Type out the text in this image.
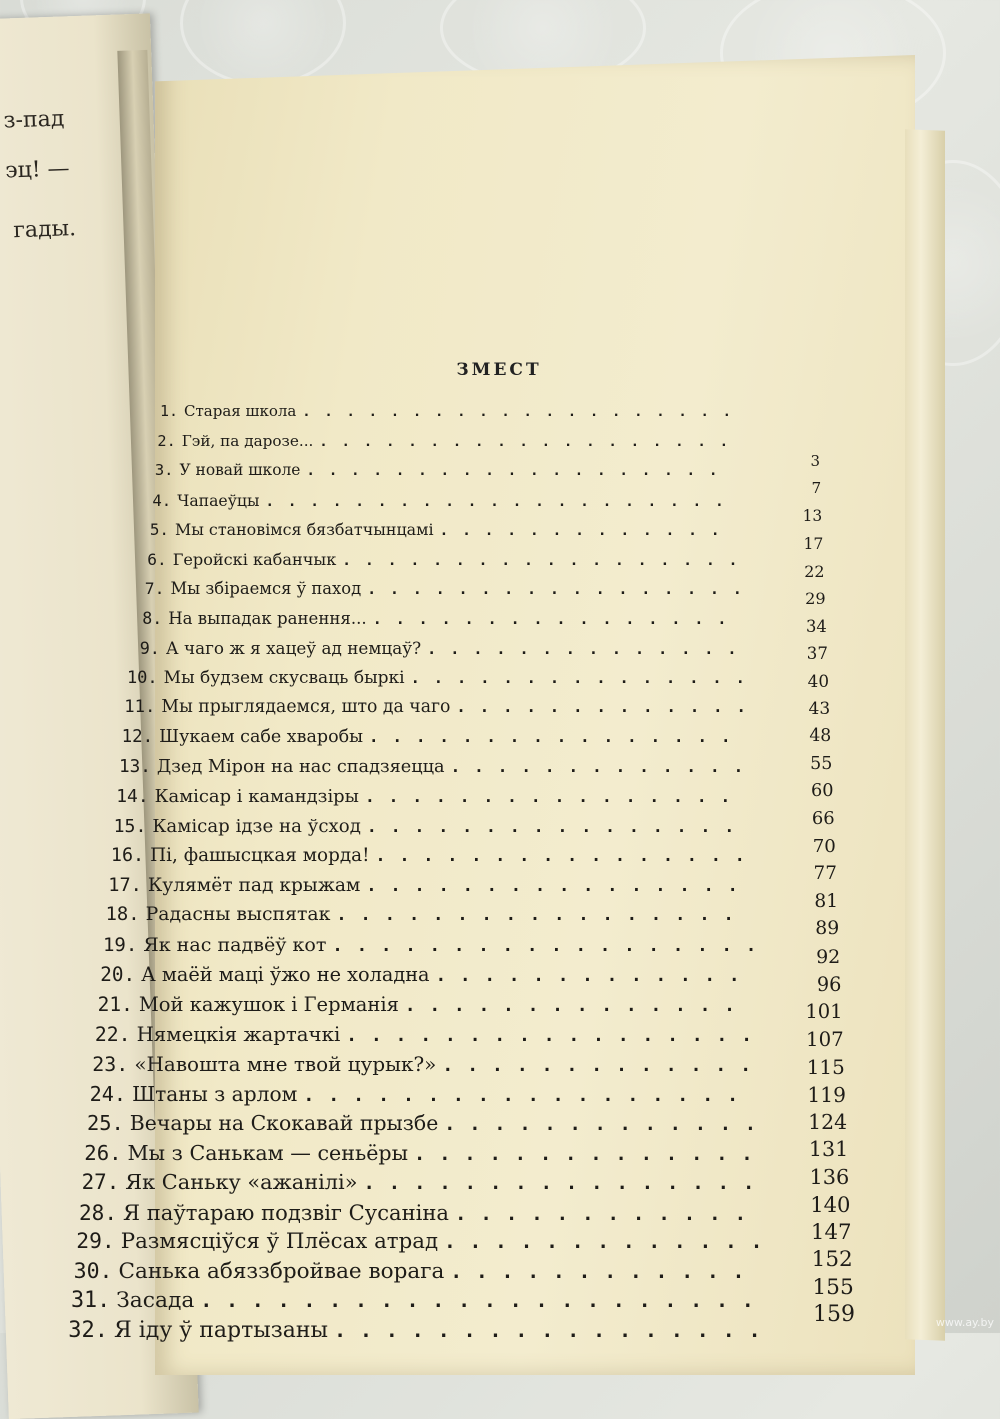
з-пад
эц! —
гады.
ЗМЕСТ
1. Старая школа ....................
2. Гэй, па дарозе... ...................
3. У новай школе ...................
4. Чапаеўцы .....................
5. Мы становімся бязбатчынцамі .............
6. Геройскі кабанчык ..................
7. Мы збіраемся ў паход .................
8. На выпадак ранення... ................
9. А чаго ж я хацеў ад немцаў? ..............
10. Мы будзем скусваць быркі ...............
11. Мы прыглядаемся, што да чаго .............
12. Шукаем сабе хваробы ................
13. Дзед Мірон на нас спадзяецца .............
14. Камісар і камандзіры ................
15. Камісар ідзе на ўсход ................
16. Пі, фашысцкая морда! ................
17. Кулямёт пад крыжам ................
18. Радасны выспятак .................
19. Як нас падвёў кот ..................
20. А маёй маці ўжо не холадна .............
21. Мой кажушок і Германія ..............
22. Нямецкія жартачкі .................
23. «Навошта мне твой цурык?» .............
24. Штаны з арлом ..................
25. Вечары на Скокавай прызбе .............
26. Мы з Санькам — сеньёры ..............
27. Як Саньку «ажанілі» ................
28. Я паўтараю подзвіг Сусаніна ............
29. Размясціўся ў Плёсах атрад .............
30. Санька абяззбройвае ворага ............
31. Засада ......................
32. Я іду ў партызаны .................
3
7
13
17
22
29
34
37
40
43
48
55
60
66
70
77
81
89
92
96
101
107
115
119
124
131
136
140
147
152
155
159	www.ay.by
